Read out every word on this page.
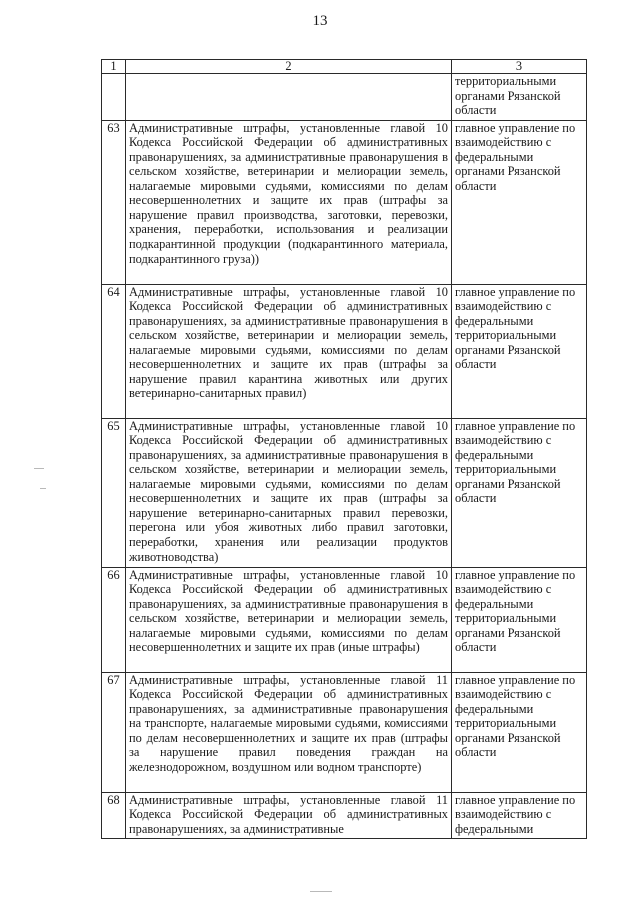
13
1	2	3
		территориальными органами Рязанской области
63	Административные штрафы, установленные главой 10 Кодекса Российской Федерации об административных правонарушениях, за административные правонарушения в сельском хозяйстве, ветеринарии и мелиорации земель, налагаемые мировыми судьями, комиссиями по делам несовершеннолетних и защите их прав (штрафы за нарушение правил производства, заготовки, перевозки, хранения, переработки, использования и реализации подкарантинной продукции (подкарантинного материала, подкарантинного груза))	главное управление по взаимодействию с федеральными органами Рязанской области
64	Административные штрафы, установленные главой 10 Кодекса Российской Федерации об административных правонарушениях, за административные правонарушения в сельском хозяйстве, ветеринарии и мелиорации земель, налагаемые мировыми судьями, комиссиями по делам несовершеннолетних и защите их прав (штрафы за нарушение правил карантина животных или других ветеринарно-санитарных правил)	главное управление по взаимодействию с федеральными территориальными органами Рязанской области
65	Административные штрафы, установленные главой 10 Кодекса Российской Федерации об административных правонарушениях, за административные правонарушения в сельском хозяйстве, ветеринарии и мелиорации земель, налагаемые мировыми судьями, комиссиями по делам несовершеннолетних и защите их прав (штрафы за нарушение ветеринарно-санитарных правил перевозки, перегона или убоя животных либо правил заготовки, переработки, хранения или реализации продуктов животноводства)	главное управление по взаимодействию с федеральными территориальными органами Рязанской области
66	Административные штрафы, установленные главой 10 Кодекса Российской Федерации об административных правонарушениях, за административные правонарушения в сельском хозяйстве, ветеринарии и мелиорации земель, налагаемые мировыми судьями, комиссиями по делам несовершеннолетних и защите их прав (иные штрафы)	главное управление по взаимодействию с федеральными территориальными органами Рязанской области
67	Административные штрафы, установленные главой 11 Кодекса Российской Федерации об административных правонарушениях, за административные правонарушения на транспорте, налагаемые мировыми судьями, комиссиями по делам несовершеннолетних и защите их прав (штрафы за нарушение правил поведения граждан на железнодорожном, воздушном или водном транспорте)	главное управление по взаимодействию с федеральными территориальными органами Рязанской области
68	Административные штрафы, установленные главой 11 Кодекса Российской Федерации об административных правонарушениях, за административные	главное управление по взаимодействию с федеральными
